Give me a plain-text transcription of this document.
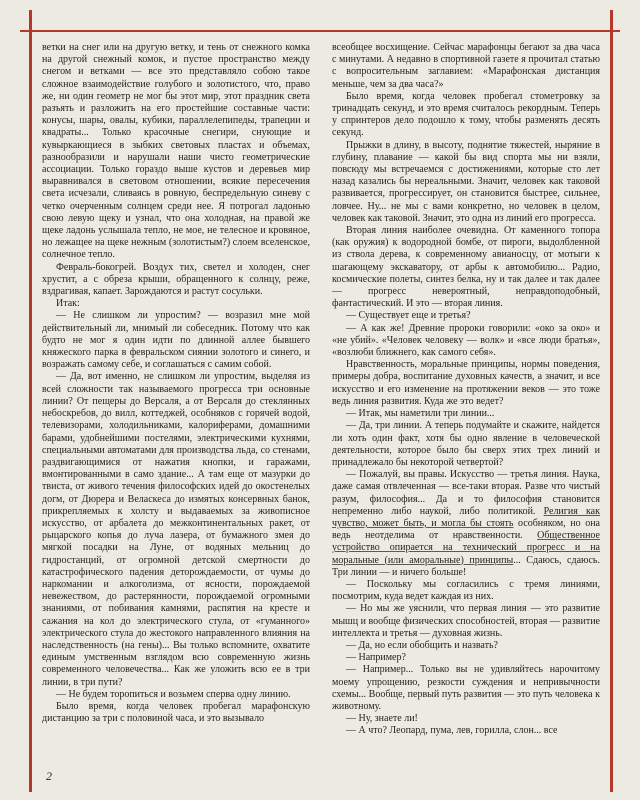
ветки на снег или на другую ветку, и тень от снежного комка на другой снежный комок, и пустое пространство между снегом и ветками — все это представляло собою такое сложное взаимодействие голубого и золотистого, что, право же, ни один геометр не мог бы этот мир, этот праздник света разъять и разложить на его простейшие составные части: конусы, шары, овалы, кубики, параллелепипеды, трапеции и квадраты... Только красочные снегири, снующие и кувыркающиеся в зыбких световых пластах и объемах, разнообразили и нарушали наши чисто геометрические ассоциации. Только гораздо выше кустов и деревьев мир выравнивался в световом отношении, всякие пересечения света исчезали, сливаясь в ровную, беспредельную синеву с четко очерченным солнцем среди нее. Я потрогал ладонью свою левую щеку и узнал, что она холодная, на правой же щеке ладонь услышала тепло, не мое, не телесное и кровяное, но лежащее на щеке нежным (золотистым?) слоем вселенское, солнечное тепло.

Февраль-бокогрей. Воздух тих, светел и холоден, снег хрустит, а с обреза крыши, обращенного к солнцу, реже, вздрагивая, капает. Зарождаются и растут сосульки.

Итак:

— Не слишком ли упростим? — возразил мне мой действительный ли, мнимый ли собеседник. Потому что как будто не мог я один идти по длинной аллее бывшего княжеского парка в февральском сиянии золотого и синего, и возражать самому себе, и соглашаться с самим собой.

— Да, вот именно, не слишком ли упростим, выделяя из всей сложности так называемого прогресса три основные линии? От пещеры до Версаля, а от Версаля до стеклянных небоскребов, до вилл, коттеджей, особняков с горячей водой, телевизорами, холодильниками, калориферами, домашними барами, удобнейшими постелями, электрическими кухнями, специальными автоматами для производства льда, со стенами, раздвигающимися от нажатия кнопки, и гаражами, вмонтированными в само здание... А там еще от мазурки до твиста, от живого течения философских идей до окостенелых догм, от Дюрера и Веласкеса до измятых консервных банок, прикрепляемых к холсту и выдаваемых за живописное искусство, от арбалета до межконтинентальных ракет, от рыцарского копья до луча лазера, от бумажного змея до мягкой посадки на Луне, от водяных мельниц до гидростанций, от огромной детской смертности до катастрофического падения деторождаемости, от чумы до наркомании и алкоголизма, от ясности, порождаемой невежеством, до растерянности, порождаемой огромными знаниями, от побивания камнями, распятия на кресте и сажания на кол до электрического стула, от «гуманного» электрического стула до жестокого направленного влияния на наследственность (на гены)... Вы только вспомните, охватите единым умственным взглядом всю современную жизнь современного человечества... Как же уложить всю ее в три линии, в три пути?

— Не будем торопиться и возьмем сперва одну линию.

Было время, когда человек пробегал марафонскую дистанцию за три с половиной часа, и это вызывало

всеобщее восхищение. Сейчас марафонцы бегают за два часа с минутами. А недавно в спортивной газете я прочитал статью с вопросительным заглавием: «Марафонская дистанция меньше, чем за два часа?»

Было время, когда человек пробегал стометровку за тринадцать секунд, и это время считалось рекордным. Теперь у спринтеров дело подошло к тому, чтобы разменять десять секунд.

Прыжки в длину, в высоту, поднятие тяжестей, ныряние в глубину, плавание — какой бы вид спорта мы ни взяли, повсюду мы встречаемся с достижениями, которые сто лет назад казались бы нереальными. Значит, человек как таковой развивается, прогрессирует, он становится быстрее, сильнее, ловчее. Ну... не мы с вами конкретно, но человек в целом, человек как таковой. Значит, это одна из линий его прогресса.

Вторая линия наиболее очевидна. От каменного топора (как оружия) к водородной бомбе, от пироги, выдолбленной из ствола дерева, к современному авианосцу, от мотыги к шагающему экскаватору, от арбы к автомобилю... Радио, космические полеты, синтез белка, ну и так далее и так далее — прогресс невероятный, неправдоподобный, фантастический. И это — вторая линия.

— Существует еще и третья?

— А как же! Древние пророки говорили: «око за око» и «не убий». «Человек человеку — волк» и «все люди братья», «возлюби ближнего, как самого себя».

Нравственность, моральные принципы, нормы поведения, примеры добра, воспитание духовных качеств, а значит, и все искусство и его изменение на протяжении веков — это тоже ведь линия развития. Куда же это ведет?

— Итак, мы наметили три линии...

— Да, три линии. А теперь подумайте и скажите, найдется ли хоть один факт, хотя бы одно явление в человеческой деятельности, которое было бы сверх этих трех линий и принадлежало бы некоторой четвертой?

— Пожалуй, вы правы. Искусство — третья линия. Наука, даже самая отвлеченная — все-таки вторая. Разве что чистый разум, философия... Да и то философия становится непременно либо наукой, либо политикой. Религия как чувство, может быть, и могла бы стоять особняком, но она ведь неотделима от нравственности. Общественное устройство опирается на технический прогресс и на моральные (или аморальные) принципы... Сдаюсь, сдаюсь. Три линии — и ничего больше!

— Поскольку мы согласились с тремя линиями, посмотрим, куда ведет каждая из них.

— Но мы же уяснили, что первая линия — это развитие мышц и вообще физических способностей, вторая — развитие интеллекта и третья — духовная жизнь.

— Да, но если обобщить и назвать?

— Например?

— Например... Только вы не удивляйтесь нарочитому моему упрощению, резкости суждения и непривычности схемы... Вообще, первый путь развития — это путь человека к животному.

— Ну, знаете ли!

— А что? Леопард, пума, лев, горилла, слон... все

2
